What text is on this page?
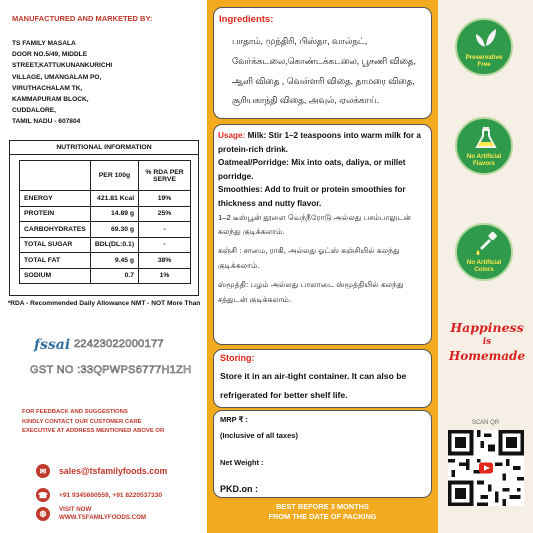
MANUFACTURED AND MARKETED BY:
TS FAMILY MASALA
DOOR NO.5/49, MIDDLE
STREET,KATTUKUNANKURICHI
VILLAGE, UMANGALAM PO,
VIRUTHACHALAM TK,
KAMMAPURAM BLOCK,
CUDDALORE,
TAMIL NADU - 607804
NUTRITIONAL INFORMATION
	PER 100g	% RDA PER SERVE
ENERGY	421.81 Kcal	19%
PROTEIN	14.89 g	25%
CARBOHYDRATES	69.30 g	-
TOTAL SUGAR	BDL(DL:0.1)	-
TOTAL FAT	9.45 g	38%
SODIUM	0.7	1%
*RDA - Recommended Daily Allowance NMT - NOT More Than
fssai 22423022000177
GST NO :33QPWPS6777H1ZH
FOR FEEDBACK AND SUGGESTIONS
KINDLY CONTACT OUR CUSTOMER CARE
EXECUTIVE AT ADDRESS MENTIONED ABOVE OR
✉	sales@tsfamilyfoods.com
☎	+91 9345660559, +91 8220537330
◍	VISIT NOW
WWW.TSFAMILYFOODS.COM
Ingredients:
பாதாம், முந்திரி, பிஸ்தா, வால்நட், வேர்க்கடலை,கொண்டக்கடலை, பூசணி விதை, ஆளி விதை , வெள்ளரி விதை, தாமரை விதை, சூரியகாந்தி விதை, அவுல், ஏலக்காய்.

Usage: Milk: Stir 1–2 teaspoons into warm milk for a protein-rich drink.

Oatmeal/Porridge: Mix into oats, daliya, or millet porridge.

Smoothies: Add to fruit or protein smoothies for thickness and nutty flavor.

1–2 டீஸ்பூன் தூளை வெந்நீரோடு அல்லது பசம்பாலுடன் கலந்து குடிக்கலாம்.

கஞ்சி : சாமை, ராகி, அல்லது ஓட்ஸ் கஞ்சியில் கலந்து குடிக்கலாம்.

ஸ்மூத்தி: பழம் அல்லது பாலாடை ஸ்மூத்தியில் கலந்து சத்துடன் குடிக்கலாம்.

Storing:
Store it in an air-tight container. It can also be refrigerated for better shelf life.
MRP ₹ :
(Inclusive of all taxes)
Net Weight :
PKD.on :
BEST BEFORE 3 MONTHS
FROM THE DATE OF PACKING
Preservative
Free
No Artificial
Flavors
No Artificial
Colors
Happiness
is
Homemade
SCAN QR
